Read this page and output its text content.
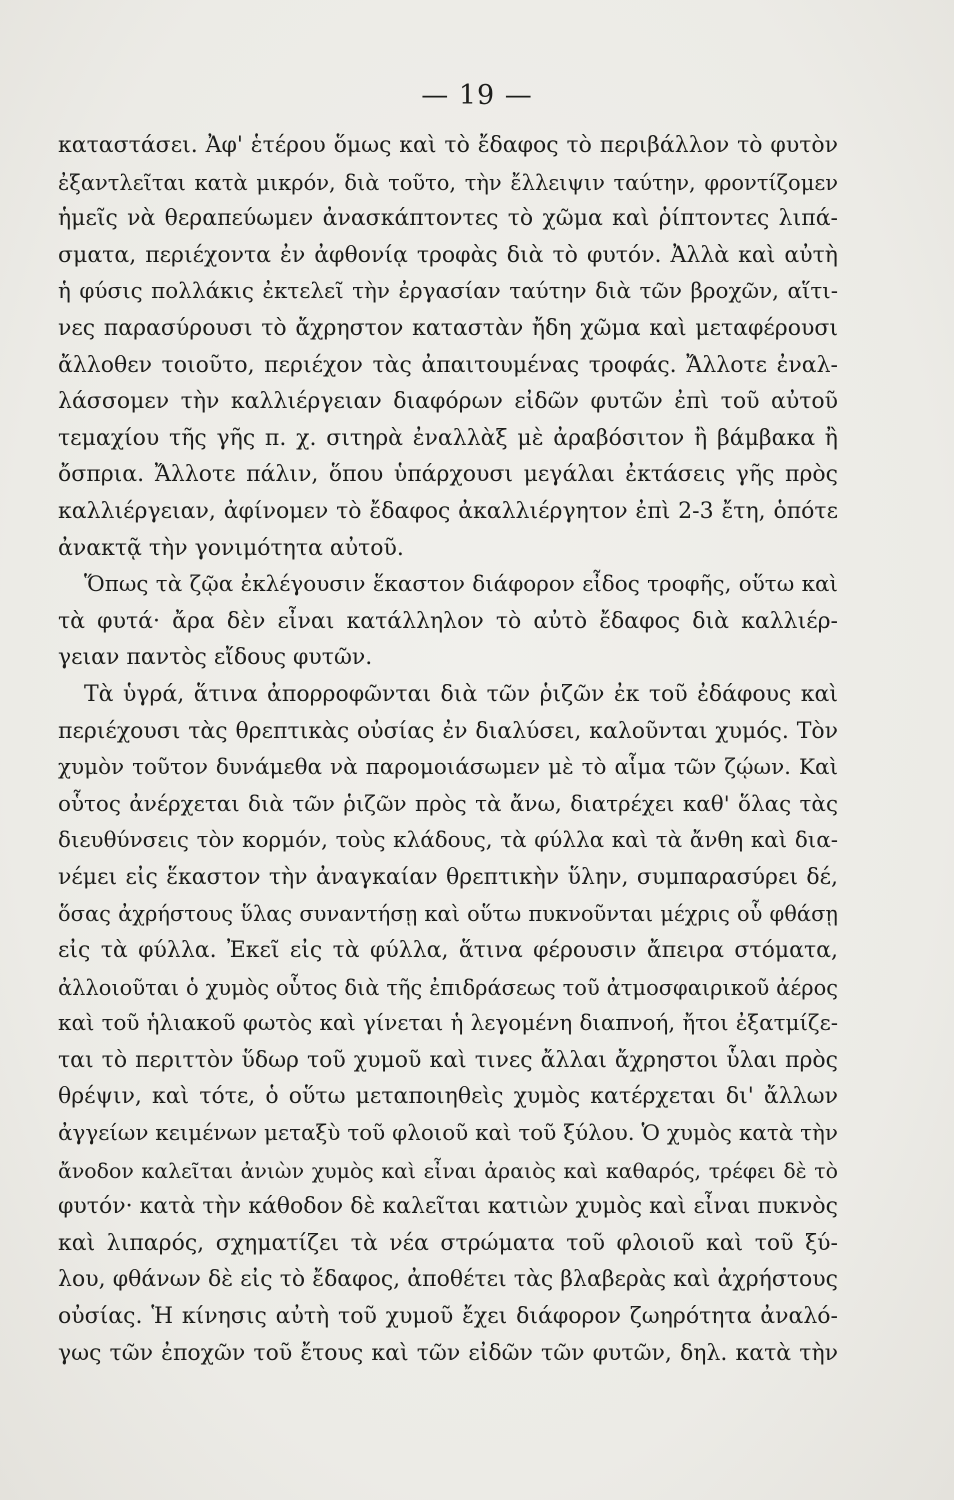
— 19 —
καταστάσει. Ἀφ' ἑτέρου ὅμως καὶ τὸ ἔδαφος τὸ περιβάλλον τὸ φυτὸν
ἐξαντλεῖται κατὰ μικρόν, διὰ τοῦτο, τὴν ἔλλειψιν ταύτην, φροντίζομεν
ἡμεῖς νὰ θεραπεύωμεν ἀνασκάπτοντες τὸ χῶμα καὶ ῥίπτοντες λιπά-
σματα, περιέχοντα ἐν ἀφθονίᾳ τροφὰς διὰ τὸ φυτόν. Ἀλλὰ καὶ αὐτὴ
ἡ φύσις πολλάκις ἐκτελεῖ τὴν ἐργασίαν ταύτην διὰ τῶν βροχῶν, αἵτι-
νες παρασύρουσι τὸ ἄχρηστον καταστὰν ἤδη χῶμα καὶ μεταφέρουσι
ἄλλοθεν τοιοῦτο, περιέχον τὰς ἀπαιτουμένας τροφάς. Ἄλλοτε ἐναλ-
λάσσομεν τὴν καλλιέργειαν διαφόρων εἰδῶν φυτῶν ἐπὶ τοῦ αὐτοῦ
τεμαχίου τῆς γῆς π. χ. σιτηρὰ ἐναλλὰξ μὲ ἀραβόσιτον ἢ βάμβακα ἢ
ὄσπρια. Ἄλλοτε πάλιν, ὅπου ὑπάρχουσι μεγάλαι ἐκτάσεις γῆς πρὸς
καλλιέργειαν, ἀφίνομεν τὸ ἔδαφος ἀκαλλιέργητον ἐπὶ 2-3 ἔτη, ὁπότε
ἀνακτᾷ τὴν γονιμότητα αὐτοῦ.
Ὅπως τὰ ζῷα ἐκλέγουσιν ἕκαστον διάφορον εἶδος τροφῆς, οὕτω καὶ
τὰ φυτά· ἄρα δὲν εἶναι κατάλληλον τὸ αὐτὸ ἔδαφος διὰ καλλιέρ-
γειαν παντὸς εἴδους φυτῶν.
Τὰ ὑγρά, ἅτινα ἀπορροφῶνται διὰ τῶν ῥιζῶν ἐκ τοῦ ἐδάφους καὶ
περιέχουσι τὰς θρεπτικὰς οὐσίας ἐν διαλύσει, καλοῦνται χυμός. Τὸν
χυμὸν τοῦτον δυνάμεθα νὰ παρομοιάσωμεν μὲ τὸ αἷμα τῶν ζῴων. Καὶ
οὗτος ἀνέρχεται διὰ τῶν ῥιζῶν πρὸς τὰ ἄνω, διατρέχει καθ' ὅλας τὰς
διευθύνσεις τὸν κορμόν, τοὺς κλάδους, τὰ φύλλα καὶ τὰ ἄνθη καὶ δια-
νέμει εἰς ἕκαστον τὴν ἀναγκαίαν θρεπτικὴν ὕλην, συμπαρασύρει δέ,
ὅσας ἀχρήστους ὕλας συναντήσῃ καὶ οὕτω πυκνοῦνται μέχρις οὗ φθάσῃ
εἰς τὰ φύλλα. Ἐκεῖ εἰς τὰ φύλλα, ἅτινα φέρουσιν ἄπειρα στόματα,
ἀλλοιοῦται ὁ χυμὸς οὗτος διὰ τῆς ἐπιδράσεως τοῦ ἀτμοσφαιρικοῦ ἀέρος
καὶ τοῦ ἡλιακοῦ φωτὸς καὶ γίνεται ἡ λεγομένη διαπνοή, ἤτοι ἐξατμίζε-
ται τὸ περιττὸν ὕδωρ τοῦ χυμοῦ καὶ τινες ἄλλαι ἄχρηστοι ὗλαι πρὸς
θρέψιν, καὶ τότε, ὁ οὕτω μεταποιηθεὶς χυμὸς κατέρχεται δι' ἄλλων
ἀγγείων κειμένων μεταξὺ τοῦ φλοιοῦ καὶ τοῦ ξύλου. Ὁ χυμὸς κατὰ τὴν
ἄνοδον καλεῖται ἀνιὼν χυμὸς καὶ εἶναι ἀραιὸς καὶ καθαρός, τρέφει δὲ τὸ
φυτόν· κατὰ τὴν κάθοδον δὲ καλεῖται κατιὼν χυμὸς καὶ εἶναι πυκνὸς
καὶ λιπαρός, σχηματίζει τὰ νέα στρώματα τοῦ φλοιοῦ καὶ τοῦ ξύ-
λου, φθάνων δὲ εἰς τὸ ἔδαφος, ἀποθέτει τὰς βλαβερὰς καὶ ἀχρήστους
οὐσίας. Ἡ κίνησις αὐτὴ τοῦ χυμοῦ ἔχει διάφορον ζωηρότητα ἀναλό-
γως τῶν ἐποχῶν τοῦ ἔτους καὶ τῶν εἰδῶν τῶν φυτῶν, δηλ. κατὰ τὴν
